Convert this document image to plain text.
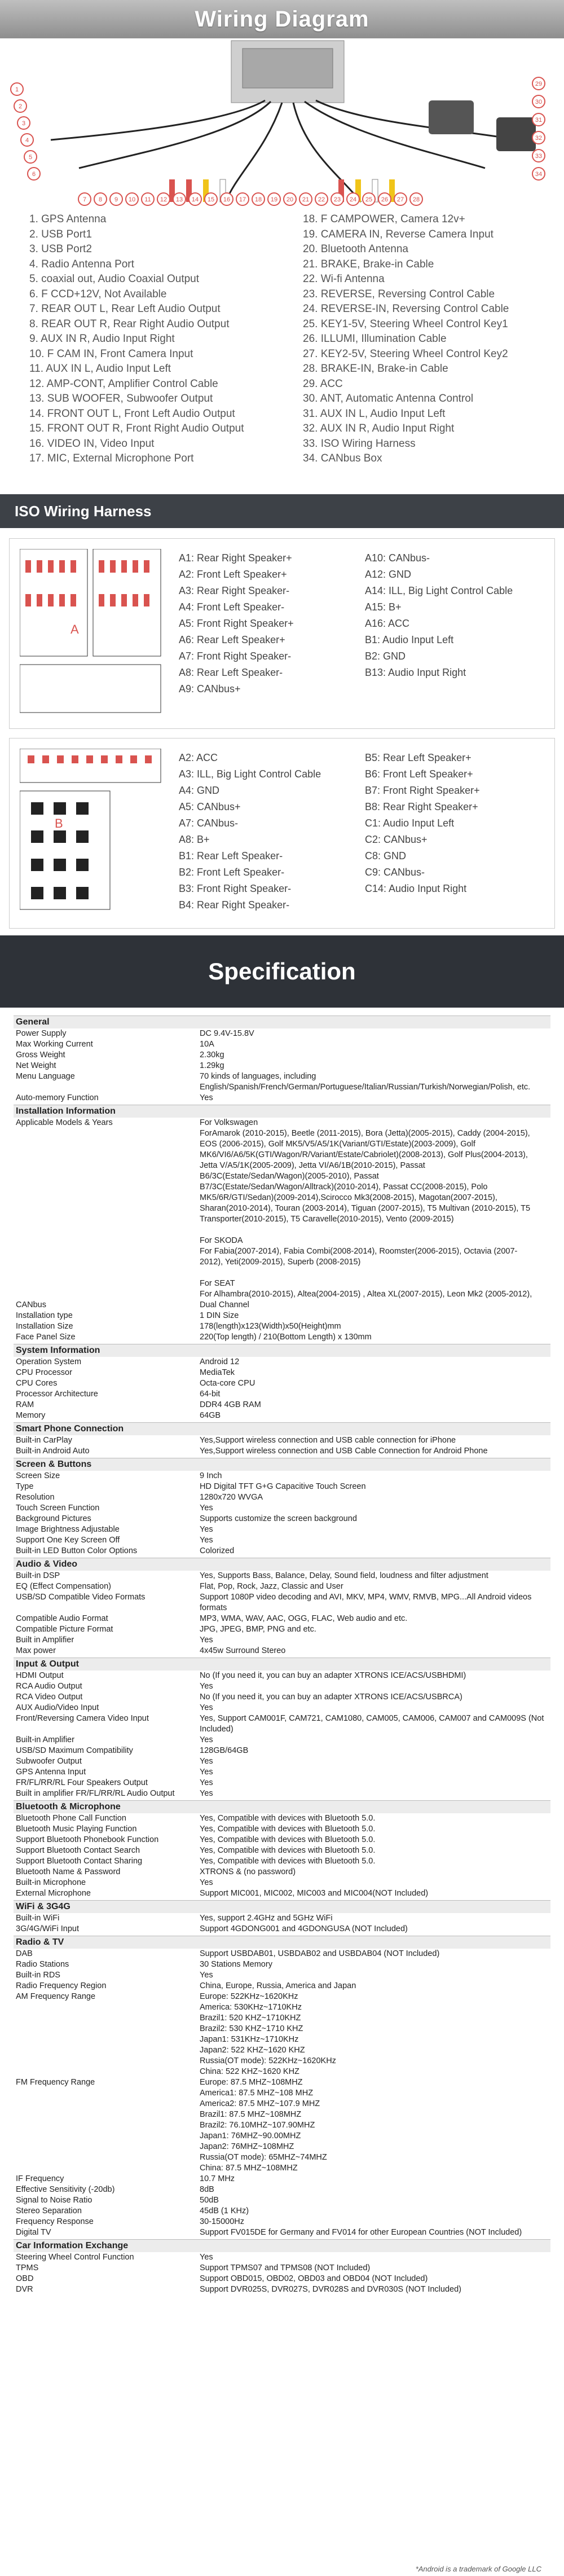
Wiring Diagram
1
2
3
4
5
6
7 8 9 10 11 12 13 14 15 16 17 18 19 20 21 22 23 24 25 26 27 28
29
30
31
32
33
34
1. GPS Antenna
2. USB Port1
3. USB Port2
4. Radio Antenna Port
5. coaxial out, Audio Coaxial Output
6. F CCD+12V, Not Available
7. REAR OUT L, Rear Left Audio Output
8. REAR OUT R, Rear Right Audio Output
9. AUX IN R, Audio Input Right
10. F CAM IN, Front Camera Input
11. AUX IN L, Audio Input Left
12. AMP-CONT, Amplifier Control Cable
13. SUB WOOFER, Subwoofer Output
14. FRONT OUT L, Front Left Audio Output
15. FRONT OUT R, Front Right Audio Output
16. VIDEO IN, Video Input
17. MIC, External Microphone Port
18. F CAMPOWER, Camera 12v+
19. CAMERA IN, Reverse Camera Input
20. Bluetooth Antenna
21. BRAKE, Brake-in Cable
22. Wi-fi Antenna
23. REVERSE, Reversing Control Cable
24. REVERSE-IN, Reversing Control Cable
25. KEY1-5V, Steering Wheel Control Key1
26. ILLUMI, Illumination Cable
27. KEY2-5V, Steering Wheel Control Key2
28. BRAKE-IN, Brake-in Cable
29. ACC
30. ANT, Automatic Antenna Control
31. AUX IN L, Audio Input Left
32. AUX IN R, Audio Input Right
33. ISO Wiring Harness
34. CANbus Box
ISO Wiring Harness
A
A1: Rear Right Speaker+	A10: CANbus-
A2: Front Left Speaker+	A12: GND
A3: Rear Right Speaker-	A14: ILL, Big Light Control Cable
A4: Front Left Speaker-	A15: B+
A5: Front Right Speaker+	A16: ACC
A6: Rear Left Speaker+	B1: Audio Input Left
A7: Front Right Speaker-	B2: GND
A8: Rear Left Speaker-	B13: Audio Input Right
A9: CANbus+
B
A2: ACC	B5: Rear Left Speaker+
A3: ILL, Big Light Control Cable	B6: Front Left Speaker+
A4: GND	B7: Front Right Speaker+
A5: CANbus+	B8: Rear Right Speaker+
A7: CANbus-	C1: Audio Input Left
A8: B+	C2: CANbus+
B1: Rear Left Speaker-	C8: GND
B2: Front Left Speaker-	C9: CANbus-
B3: Front Right Speaker-	C14: Audio Input Right
B4: Rear Right Speaker-
Specification
General
Power Supply	DC 9.4V-15.8V
Max Working Current	10A
Gross Weight	2.30kg
Net Weight	1.29kg
Menu Language	70 kinds of languages, including
English/Spanish/French/German/Portuguese/Italian/Russian/Turkish/Norwegian/Polish, etc.
Auto-memory Function	Yes
Installation Information
Applicable Models & Years	For Volkswagen
ForAmarok (2010-2015), Beetle (2011-2015), Bora (Jetta)(2005-2015), Caddy (2004-2015),
EOS (2006-2015), Golf MK5/V5/A5/1K(Variant/GTI/Estate)(2003-2009), Golf
MK6/VI6/A6/5K(GTI/Wagon/R/Variant/Estate/Cabriolet)(2008-2013), Golf Plus(2004-2013),
Jetta V/A5/1K(2005-2009), Jetta VI/A6/1B(2010-2015), Passat
B6/3C(Estate/Sedan/Wagon)(2005-2010), Passat
B7/3C(Estate/Sedan/Wagon/Alltrack)(2010-2014), Passat CC(2008-2015), Polo
MK5/6R/GTI/Sedan)(2009-2014),Scirocco Mk3(2008-2015), Magotan(2007-2015),
Sharan(2010-2014), Touran (2003-2014), Tiguan (2007-2015), T5 Multivan (2010-2015), T5
Transporter(2010-2015), T5 Caravelle(2010-2015), Vento (2009-2015)

For SKODA
For Fabia(2007-2014), Fabia Combi(2008-2014), Roomster(2006-2015), Octavia (2007-
2012), Yeti(2009-2015), Superb (2008-2015)

For SEAT
For Alhambra(2010-2015), Altea(2004-2015) , Altea XL(2007-2015), Leon Mk2 (2005-2012),
CANbus	Dual Channel
Installation type	1 DIN Size
Installation Size	178(length)x123(Width)x50(Height)mm
Face Panel Size	220(Top length) / 210(Bottom Length) x 130mm
System Information
Operation System	Android 12
CPU Processor	MediaTek
CPU Cores	Octa-core CPU
Processor Architecture	64-bit
RAM	DDR4 4GB RAM
Memory	64GB
Smart Phone Connection
Built-in CarPlay	Yes,Support wireless connection and USB cable connection for iPhone
Built-in Android Auto	Yes,Support wireless connection and USB Cable Connection for Android Phone
Screen & Buttons
Screen Size	9 Inch
Type	HD Digital TFT G+G Capacitive Touch Screen
Resolution	1280x720 WVGA
Touch Screen Function	Yes
Background Pictures	Supports customize the screen background
Image Brightness Adjustable	Yes
Support One Key Screen Off	Yes
Built-in LED Button Color Options	Colorized
Audio & Video
Built-in DSP	Yes, Supports Bass, Balance, Delay, Sound field, loudness and filter adjustment
EQ (Effect Compensation)	Flat, Pop, Rock, Jazz, Classic and User
USB/SD Compatible Video Formats	Support 1080P video decoding and AVI, MKV, MP4, WMV, RMVB, MPG...All Android videos
formats
Compatible Audio Format	MP3, WMA, WAV, AAC, OGG, FLAC, Web audio and etc.
Compatible Picture Format	JPG, JPEG, BMP, PNG and etc.
Built in Amplifier	Yes
Max power	4x45w Surround Stereo
Input & Output
HDMI Output	No (If you need it, you can buy an adapter XTRONS ICE/ACS/USBHDMI)
RCA Audio Output	Yes
RCA Video Output	No (If you need it, you can buy an adapter XTRONS ICE/ACS/USBRCA)
AUX Audio/Video Input	Yes
Front/Reversing Camera Video Input	Yes, Support CAM001F, CAM721, CAM1080, CAM005, CAM006, CAM007 and CAM009S (Not
Included)
Built-in Amplifier	Yes
USB/SD Maximum Compatibility	128GB/64GB
Subwoofer Output	Yes
GPS Antenna Input	Yes
FR/FL/RR/RL Four Speakers Output	Yes
Built in amplifier FR/FL/RR/RL Audio Output	Yes
Bluetooth & Microphone
Bluetooth Phone Call Function	Yes, Compatible with devices with Bluetooth 5.0.
Bluetooth Music Playing Function	Yes, Compatible with devices with Bluetooth 5.0.
Support Bluetooth Phonebook Function	Yes, Compatible with devices with Bluetooth 5.0.
Support Bluetooth Contact Search	Yes, Compatible with devices with Bluetooth 5.0.
Support Bluetooth Contact Sharing	Yes, Compatible with devices with Bluetooth 5.0.
Bluetooth Name & Password	XTRONS & (no password)
Built-in Microphone	Yes
External Microphone	Support MIC001, MIC002, MIC003 and MIC004(NOT Included)
WiFi & 3G4G
Built-in WiFi	Yes, support 2.4GHz and 5GHz WiFi
3G/4G/WiFi Input	Support 4GDONG001 and 4GDONGUSA (NOT Included)
Radio & TV
DAB	Support USBDAB01, USBDAB02 and USBDAB04 (NOT Included)
Radio Stations	30 Stations Memory
Built-in RDS	Yes
Radio Frequency Region	China, Europe, Russia, America and Japan
AM Frequency Range	Europe: 522KHz~1620KHz
America: 530KHz~1710KHz
Brazil1: 520 KHZ~1710KHZ
Brazil2: 530 KHZ~1710 KHZ
Japan1: 531KHz~1710KHz
Japan2: 522 KHZ~1620 KHZ
Russia(OT mode): 522KHz~1620KHz
China: 522 KHZ~1620 KHZ
FM Frequency Range	Europe: 87.5 MHZ~108MHZ
America1: 87.5 MHZ~108 MHZ
America2: 87.5 MHZ~107.9 MHZ
Brazil1: 87.5 MHZ~108MHZ
Brazil2: 76.10MHZ~107.90MHZ
Japan1: 76MHZ~90.00MHZ
Japan2: 76MHZ~108MHZ
Russia(OT mode): 65MHZ~74MHZ
China: 87.5 MHZ~108MHZ
IF Frequency	10.7 MHz
Effective Sensitivity (-20db)	8dB
Signal to Noise Ratio	50dB
Stereo Separation	45dB (1 KHz)
Frequency Response	30-15000Hz
Digital TV	Support FV015DE for Germany and FV014 for other European Countries (NOT Included)
Car Information Exchange
Steering Wheel Control Function	Yes
TPMS	Support TPMS07 and TPMS08 (NOT Included)
OBD	Support OBD015, OBD02, OBD03 and OBD04 (NOT Included)
DVR	Support DVR025S, DVR027S, DVR028S and DVR030S (NOT Included)
*Android is a trademark of Google LLC
